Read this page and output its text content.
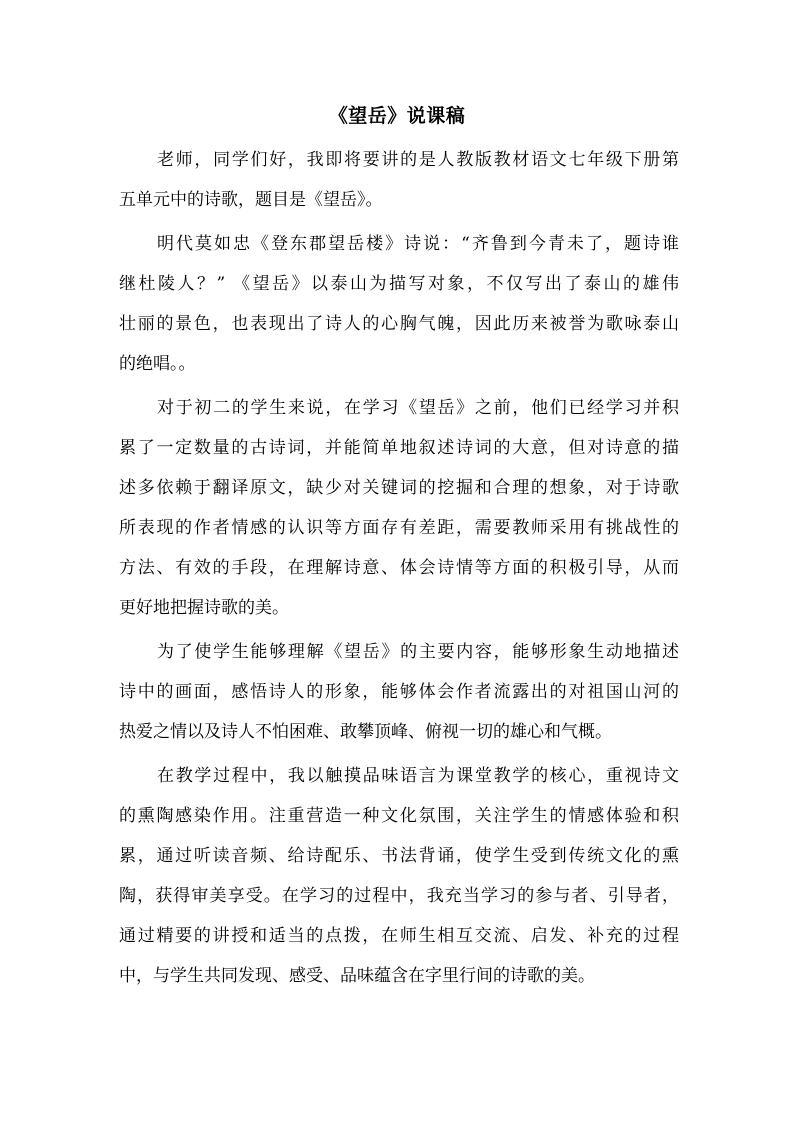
《望岳》说课稿
老师，同学们好，我即将要讲的是人教版教材语文七年级下册第
五单元中的诗歌，题目是《望岳》。
明代莫如忠《登东郡望岳楼》诗说：“齐鲁到今青未了，题诗谁
继杜陵人？” 《望岳》以泰山为描写对象，不仅写出了泰山的雄伟
壮丽的景色，也表现出了诗人的心胸气魄，因此历来被誉为歌咏泰山
的绝唱。。
对于初二的学生来说，在学习《望岳》之前，他们已经学习并积
累了一定数量的古诗词，并能简单地叙述诗词的大意，但对诗意的描
述多依赖于翻译原文，缺少对关键词的挖掘和合理的想象，对于诗歌
所表现的作者情感的认识等方面存有差距，需要教师采用有挑战性的
方法、有效的手段，在理解诗意、体会诗情等方面的积极引导，从而
更好地把握诗歌的美。
为了使学生能够理解《望岳》的主要内容，能够形象生动地描述
诗中的画面，感悟诗人的形象，能够体会作者流露出的对祖国山河的
热爱之情以及诗人不怕困难、敢攀顶峰、俯视一切的雄心和气概。
在教学过程中，我以触摸品味语言为课堂教学的核心，重视诗文
的熏陶感染作用。注重营造一种文化氛围，关注学生的情感体验和积
累，通过听读音频、给诗配乐、书法背诵，使学生受到传统文化的熏
陶，获得审美享受。在学习的过程中，我充当学习的参与者、引导者，
通过精要的讲授和适当的点拨，在师生相互交流、启发、补充的过程
中，与学生共同发现、感受、品味蕴含在字里行间的诗歌的美。
